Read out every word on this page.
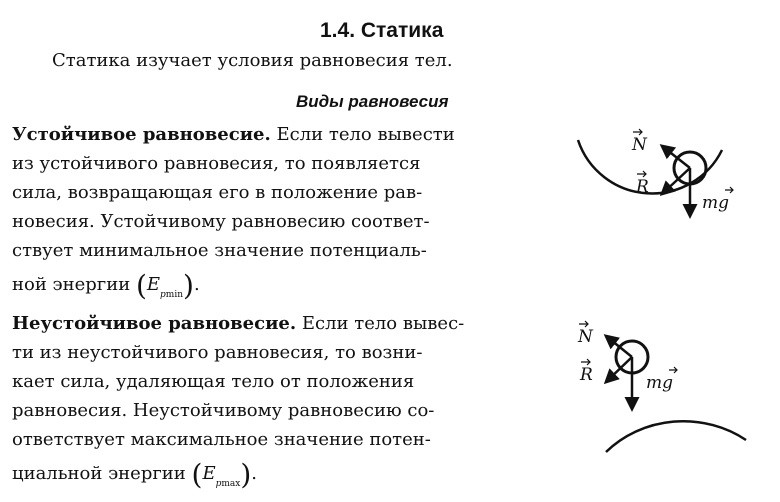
1.4. Статика
Статика изучает условия равновесия тел.
Виды равновесия
Устойчивое равновесие. Если тело вывести
из устойчивого равновесия, то появляется
сила, возвращающая его в положение рав-
новесия. Устойчивому равновесию соответ-
ствует минимальное значение потенциаль-
ной энергии $(E_{pmin})$.
Неустойчивое равновесие. Если тело вывес-
ти из неустойчивого равновесия, то возни-
кает сила, удаляющая тело от положения
равновесия. Неустойчивому равновесию со-
ответствует максимальное значение потен-
циальной энергии $(E_{pmax})$.
N
R
mg
N
R	mg
